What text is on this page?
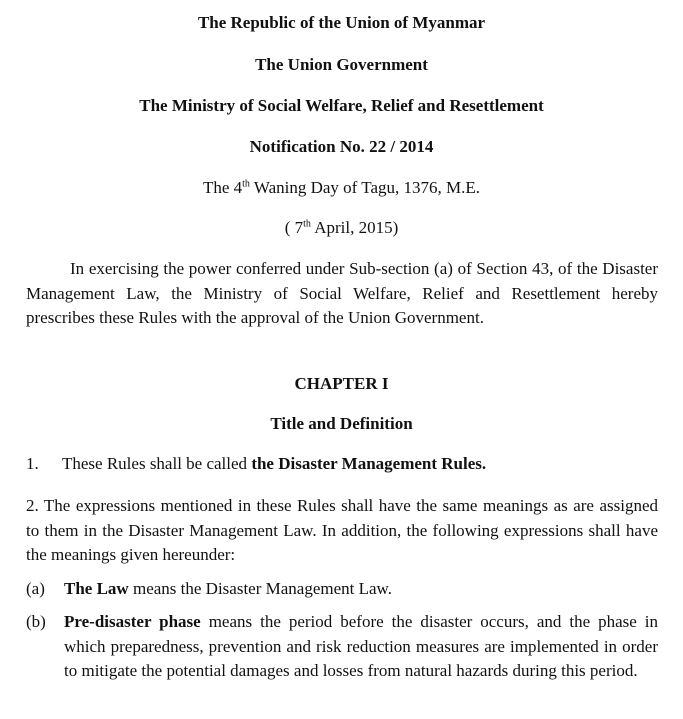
The Republic of the Union of Myanmar
The Union Government
The Ministry of Social Welfare, Relief and Resettlement
Notification No. 22 / 2014
The 4th Waning Day of Tagu, 1376, M.E.
( 7th April, 2015)
In exercising the power conferred under Sub-section (a) of Section 43, of the Disaster Management Law, the Ministry of Social Welfare, Relief and Resettlement hereby prescribes these Rules with the approval of the Union Government.
CHAPTER I
Title and Definition
1. These Rules shall be called the Disaster Management Rules.
2. The expressions mentioned in these Rules shall have the same meanings as are assigned to them in the Disaster Management Law. In addition, the following expressions shall have the meanings given hereunder:
(a) The Law means the Disaster Management Law.
(b) Pre-disaster phase means the period before the disaster occurs, and the phase in which preparedness, prevention and risk reduction measures are implemented in order to mitigate the potential damages and losses from natural hazards during this period.
